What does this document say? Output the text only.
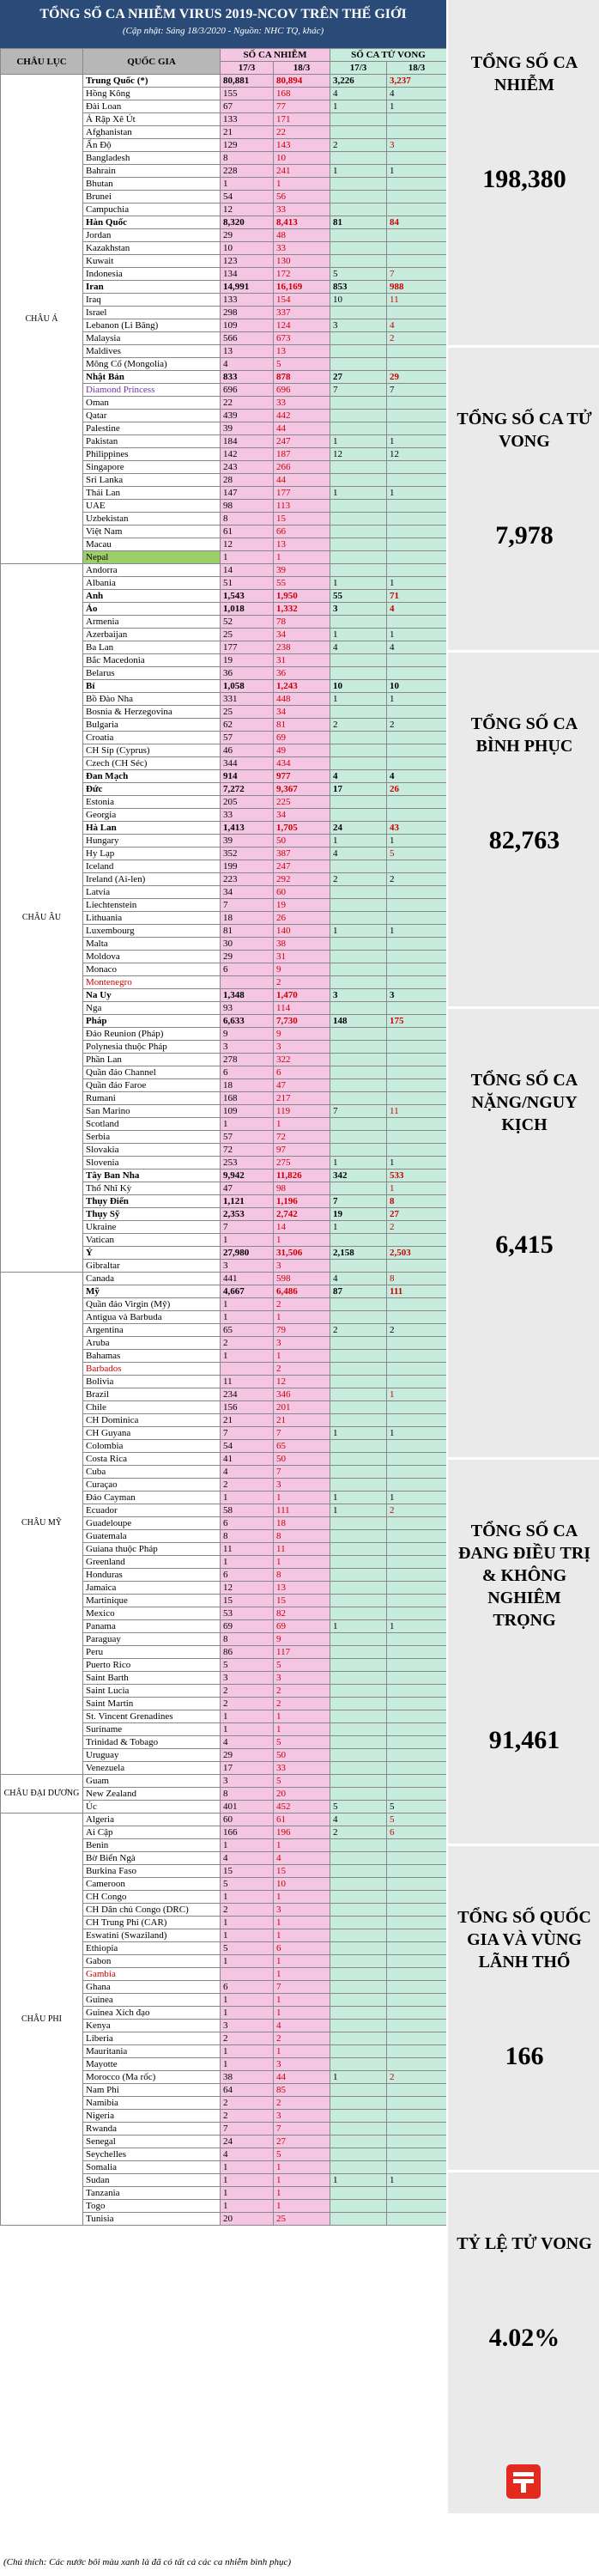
TỔNG SỐ CA NHIỄM VIRUS 2019-NCOV TRÊN THẾ GIỚI
(Cập nhật: Sáng 18/3/2020 - Nguồn: NHC TQ, khác)
CHÂU LỤC	QUỐC GIA	SỐ CA NHIỄM		SỐ CA TỬ VONG	
		17/3	18/3	17/3	18/3
CHÂU Á	Trung Quốc (*)	80,881	80,894	3,226	3,237
	Hồng Kông	155	168	4	4
	Đài Loan	67	77	1	1
	Ả Rập Xê Út	133	171		
	Afghanistan	21	22		
	Ấn Độ	129	143	2	3
	Bangladesh	8	10		
	Bahrain	228	241	1	1
	Bhutan	1	1		
	Brunei	54	56		
	Campuchia	12	33		
	Hàn Quốc	8,320	8,413	81	84
	Jordan	29	48		
	Kazakhstan	10	33		
	Kuwait	123	130		
	Indonesia	134	172	5	7
	Iran	14,991	16,169	853	988
	Iraq	133	154	10	11
	Israel	298	337		
	Lebanon (Li Băng)	109	124	3	4
	Malaysia	566	673		2
	Maldives	13	13		
	Mông Cổ (Mongolia)	4	5		
	Nhật Bản	833	878	27	29
	Diamond Princess	696	696	7	7
	Oman	22	33		
	Qatar	439	442		
	Palestine	39	44		
	Pakistan	184	247	1	1
	Philippines	142	187	12	12
	Singapore	243	266		
	Sri Lanka	28	44		
	Thái Lan	147	177	1	1
	UAE	98	113		
	Uzbekistan	8	15		
	Việt Nam	61	66		
	Macau	12	13		
	Nepal	1	1		
CHÂU ÂU	Andorra	14	39		
	Albania	51	55	1	1
	Anh	1,543	1,950	55	71
	Áo	1,018	1,332	3	4
	Armenia	52	78		
	Azerbaijan	25	34	1	1
	Ba Lan	177	238	4	4
	Bắc Macedonia	19	31		
	Belarus	36	36		
	Bỉ	1,058	1,243	10	10
	Bồ Đào Nha	331	448	1	1
	Bosnia & Herzegovina	25	34		
	Bulgaria	62	81	2	2
	Croatia	57	69		
	CH Síp (Cyprus)	46	49		
	Czech (CH Séc)	344	434		
	Đan Mạch	914	977	4	4
	Đức	7,272	9,367	17	26
	Estonia	205	225		
	Georgia	33	34		
	Hà Lan	1,413	1,705	24	43
	Hungary	39	50	1	1
	Hy Lạp	352	387	4	5
	Iceland	199	247		
	Ireland (Ai-len)	223	292	2	2
	Latvia	34	60		
	Liechtenstein	7	19		
	Lithuania	18	26		
	Luxembourg	81	140	1	1
	Malta	30	38		
	Moldova	29	31		
	Monaco	6	9		
	Montenegro		2		
	Na Uy	1,348	1,470	3	3
	Nga	93	114		
	Pháp	6,633	7,730	148	175
	Đảo Reunion (Pháp)	9	9		
	Polynesia thuộc Pháp	3	3		
	Phần Lan	278	322		
	Quần đảo Channel	6	6		
	Quần đảo Faroe	18	47		
	Rumani	168	217		
	San Marino	109	119	7	11
	Scotland	1	1		
	Serbia	57	72		
	Slovakia	72	97		
	Slovenia	253	275	1	1
	Tây Ban Nha	9,942	11,826	342	533
	Thổ Nhĩ Kỳ	47	98		1
	Thụy Điển	1,121	1,196	7	8
	Thụy Sỹ	2,353	2,742	19	27
	Ukraine	7	14	1	2
	Vatican	1	1		
	Ý	27,980	31,506	2,158	2,503
	Gibraltar	3	3		
CHÂU MỸ	Canada	441	598	4	8
	Mỹ	4,667	6,486	87	111
	Quần đảo Virgin (Mỹ)	1	2		
	Antigua và Barbuda	1	1		
	Argentina	65	79	2	2
	Aruba	2	3		
	Bahamas	1	1		
	Barbados		2		
	Bolivia	11	12		
	Brazil	234	346		1
	Chile	156	201		
	CH Dominica	21	21		
	CH Guyana	7	7	1	1
	Colombia	54	65		
	Costa Rica	41	50		
	Cuba	4	7		
	Curaçao	2	3		
	Đảo Cayman	1	1	1	1
	Ecuador	58	111	1	2
	Guadeloupe	6	18		
	Guatemala	8	8		
	Guiana thuộc Pháp	11	11		
	Greenland	1	1		
	Honduras	6	8		
	Jamaica	12	13		
	Martinique	15	15		
	Mexico	53	82		
	Panama	69	69	1	1
	Paraguay	8	9		
	Peru	86	117		
	Puerto Rico	5	5		
	Saint Barth	3	3		
	Saint Lucia	2	2		
	Saint Martin	2	2		
	St. Vincent Grenadines	1	1		
	Suriname	1	1		
	Trinidad & Tobago	4	5		
	Uruguay	29	50		
	Venezuela	17	33		
CHÂU ĐẠI DƯƠNG	Guam	3	5		
	New Zealand	8	20		
	Úc	401	452	5	5
CHÂU PHI	Algeria	60	61	4	5
	Ai Cập	166	196	2	6
	Benin	1	1		
	Bờ Biển Ngà	4	4		
	Burkina Faso	15	15		
	Cameroon	5	10		
	CH Congo	1	1		
	CH Dân chủ Congo (DRC)	2	3		
	CH Trung Phi (CAR)	1	1		
	Eswatini (Swaziland)	1	1		
	Ethiopia	5	6		
	Gabon	1	1		
	Gambia		1		
	Ghana	6	7		
	Guinea	1	1		
	Guinea Xích đạo	1	1		
	Kenya	3	4		
	Liberia	2	2		
	Mauritania	1	1		
	Mayotte	1	3		
	Morocco (Ma rốc)	38	44	1	2
	Nam Phi	64	85		
	Namibia	2	2		
	Nigeria	2	3		
	Rwanda	7	7		
	Senegal	24	27		
	Seychelles	4	5		
	Somalia	1	1		
	Sudan	1	1	1	1
	Tanzania	1	1		
	Togo	1	1		
	Tunisia	20	25		
TỔNG SỐ CA NHIỄM
198,380
TỔNG SỐ CA TỬ VONG
7,978
TỔNG SỐ CA BÌNH PHỤC
82,763
TỔNG SỐ CA NẶNG/NGUY KỊCH
6,415
TỔNG SỐ CA ĐANG ĐIỀU TRỊ & KHÔNG NGHIÊM TRỌNG
91,461
TỔNG SỐ QUỐC GIA VÀ VÙNG LÃNH THỔ
166
TỶ LỆ TỬ VONG
4.02%
(Chú thích: Các nước bôi màu xanh là đã có tất cả các ca nhiễm bình phục)
